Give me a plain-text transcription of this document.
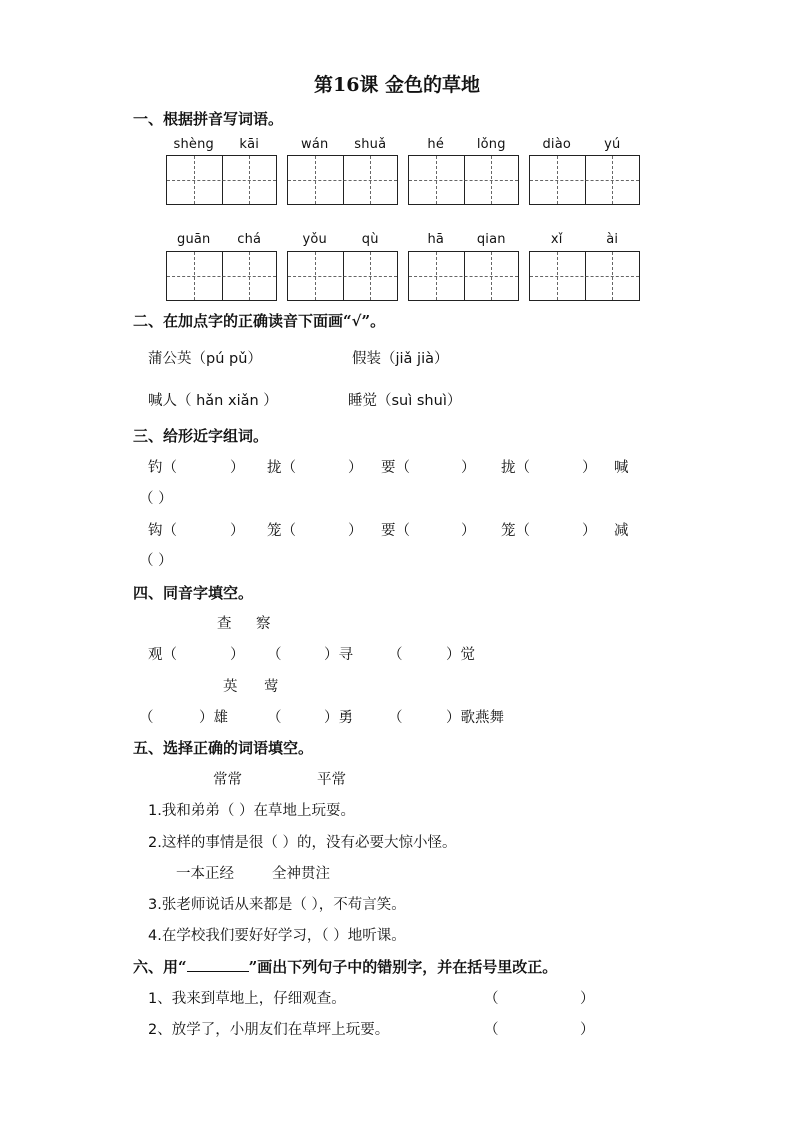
第16课 金色的草地
一、根据拼音写词语。
shèng	kāi	wán	shuǎ	hé	lǒng	diào	yú
guān	chá	yǒu	qù	hā	qian	xǐ	ài
二、在加点字的正确读音下面画“√”。
蒲公英（pú pǔ）	假装（jiǎ jià）
喊人（ hǎn xiǎn ）	睡觉（suì shuì）
三、给形近字组词。
钓（	） 拢（	） 要（	） 拢（	） 喊
（ ）
钩（	） 笼（	） 要（	） 笼（	） 减
（ ）
四、同音字填空。
查 察
观（	） （	）寻 （	）觉
英 莺
（	）雄	（	）勇 （	）歌燕舞
五、选择正确的词语填空。
常常	平常
1.我和弟弟（ ）在草地上玩耍。
2.这样的事情是很（ ）的，没有必要大惊小怪。
一本正经	全神贯注
3.张老师说话从来都是（ ），不苟言笑。
4.在学校我们要好好学习，（ ）地听课。
六、用“	”画出下列句子中的错别字，并在括号里改正。
1、我来到草地上，仔细观查。	（	）
2、放学了，小朋友们在草坪上玩要。	（	）
